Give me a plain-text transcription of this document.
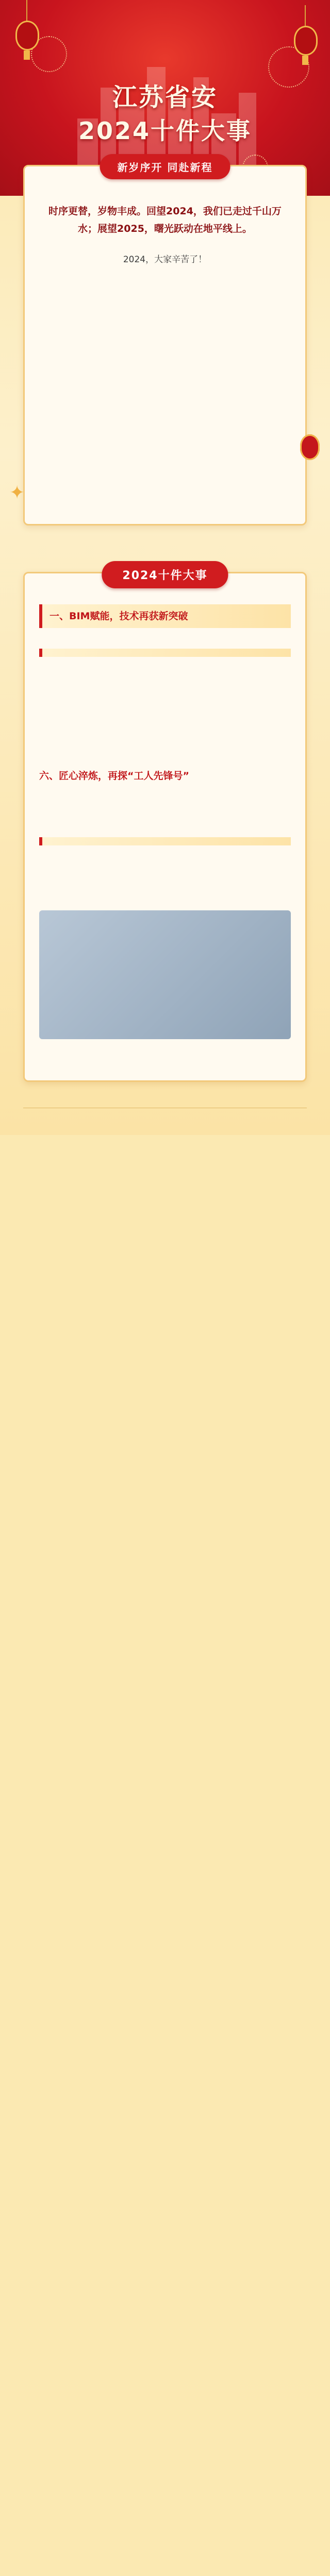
江苏省安
2024十件大事
新岁序开 同赴新程

时序更替，岁物丰成。回望2024，我们已走过千山万水；展望2025，曙光跃动在地平线上。

2024，大家辛苦了！

✦
2024十件大事
一、BIM赋能，技术再获新突破

六、匠心淬炼，再探“工人先锋号”
